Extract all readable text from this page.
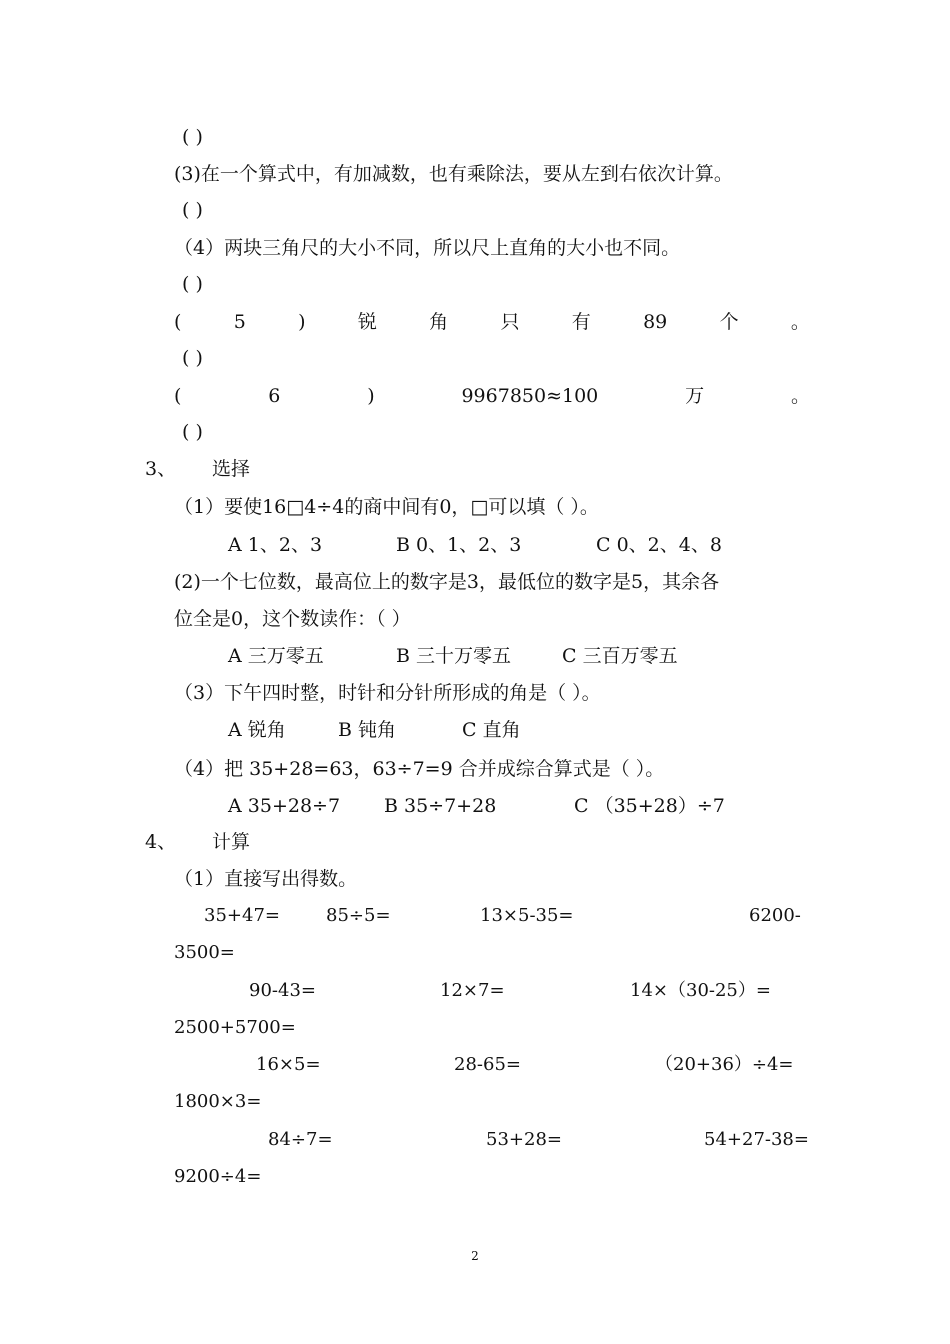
( )
(3)在一个算式中，有加减数，也有乘除法，要从左到右依次计算。
( )
（4）两块三角尺的大小不同，所以尺上直角的大小也不同。
( )
(	5	)	锐	角	只	有	89	个	。
( )
(	6	)	9967850≈100	万	。
( )
3、 选择
（1）要使16□4÷4的商中间有0，□可以填（ ）。
A 1、2、3	B 0、1、2、3	C 0、2、4、8
(2)一个七位数，最高位上的数字是3，最低位的数字是5，其余各
位全是0，这个数读作：（ ）
A 三万零五	B 三十万零五	C 三百万零五
（3）下午四时整，时针和分针所形成的角是（ ）。
A 锐角	B 钝角	C 直角
（4）把 35+28=63，63÷7=9 合并成综合算式是（ ）。
A 35+28÷7 B 35÷7+28	C （35+28）÷7
4、 计算
（1）直接写出得数。
35+47=	85÷5=	13×5-35=	6200-
3500=
90-43=	12×7=	14×（30-25）=
2500+5700=
16×5=	28-65=	（20+36）÷4=
1800×3=
84÷7=	53+28=	54+27-38=
9200÷4=
2
